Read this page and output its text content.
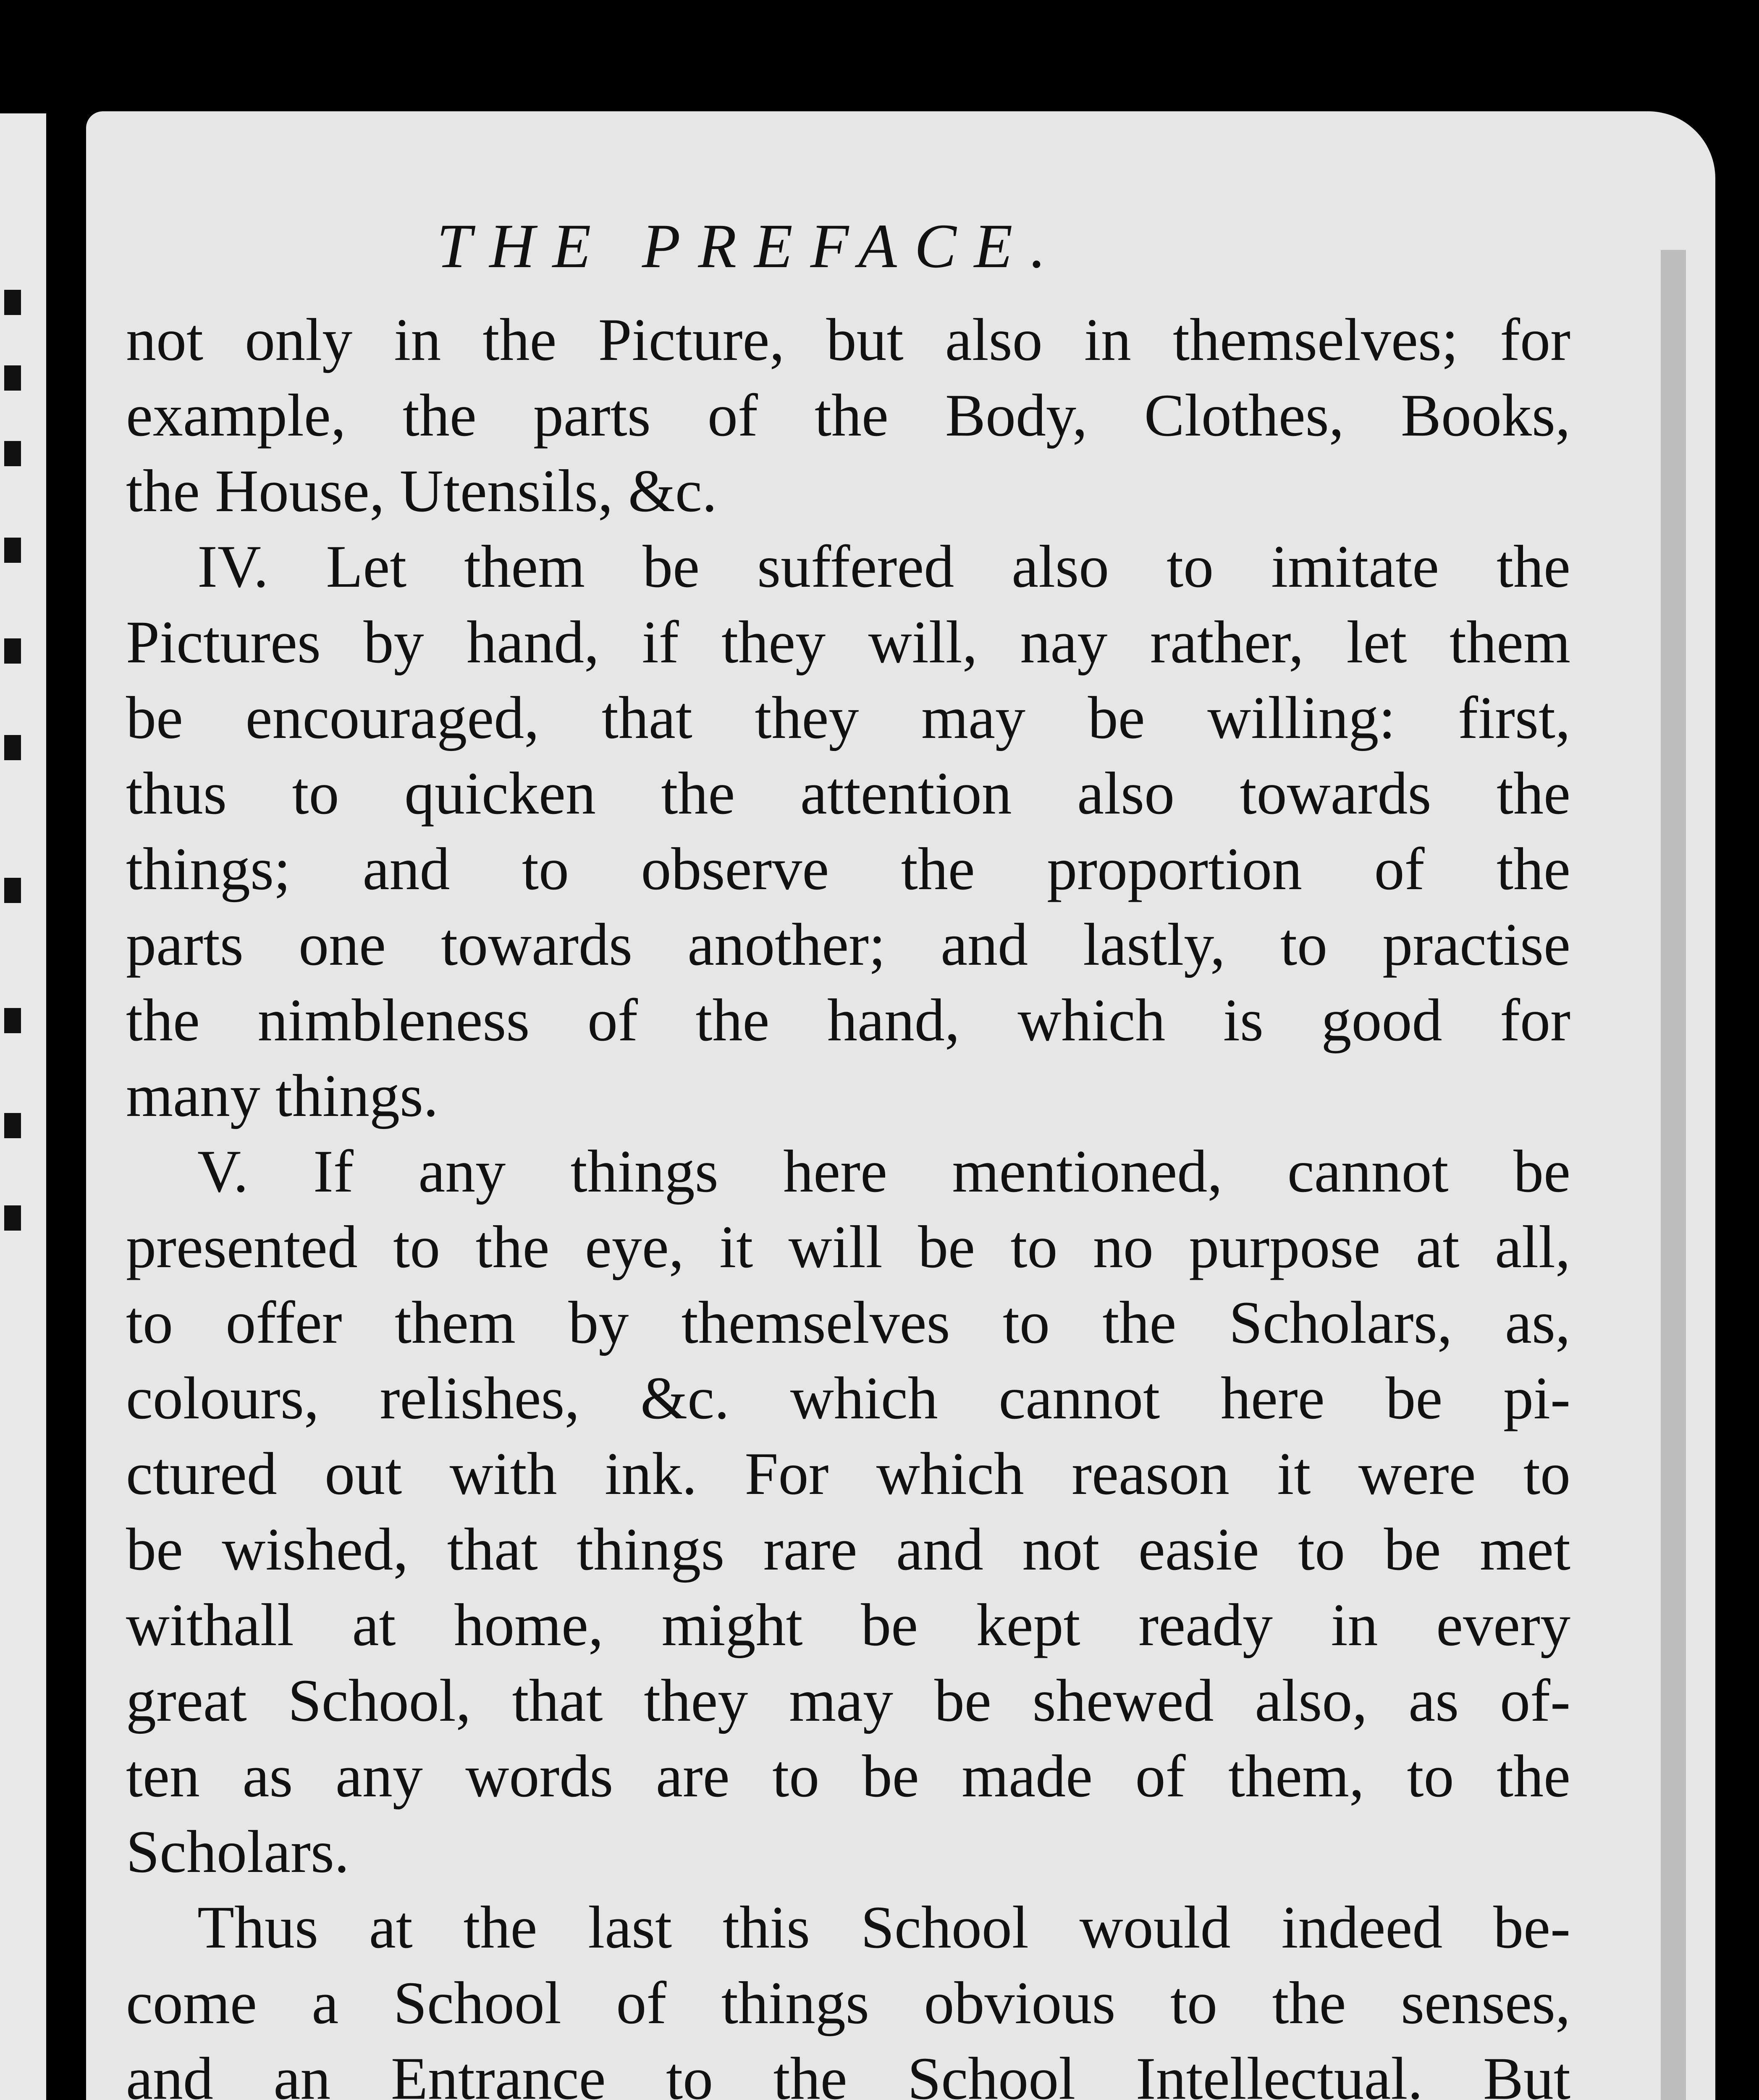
THE PREFACE.
not only in the Picture, but also in themselves; for
example, the parts of the Body, Clothes, Books,
the House, Utensils, &c.
IV. Let them be suffered also to imitate the
Pictures by hand, if they will, nay rather, let them
be encouraged, that they may be willing: first,
thus to quicken the attention also towards the
things; and to observe the proportion of the
parts one towards another; and lastly, to practise
the nimbleness of the hand, which is good for
many things.
V. If any things here mentioned, cannot be
presented to the eye, it will be to no purpose at all,
to offer them by themselves to the Scholars, as,
colours, relishes, &c. which cannot here be pi-
ctured out with ink. For which reason it were to
be wished, that things rare and not easie to be met
withall at home, might be kept ready in every
great School, that they may be shewed also, as of-
ten as any words are to be made of them, to the
Scholars.
Thus at the last this School would indeed be-
come a School of things obvious to the senses,
and an Entrance to the School Intellectual. But
